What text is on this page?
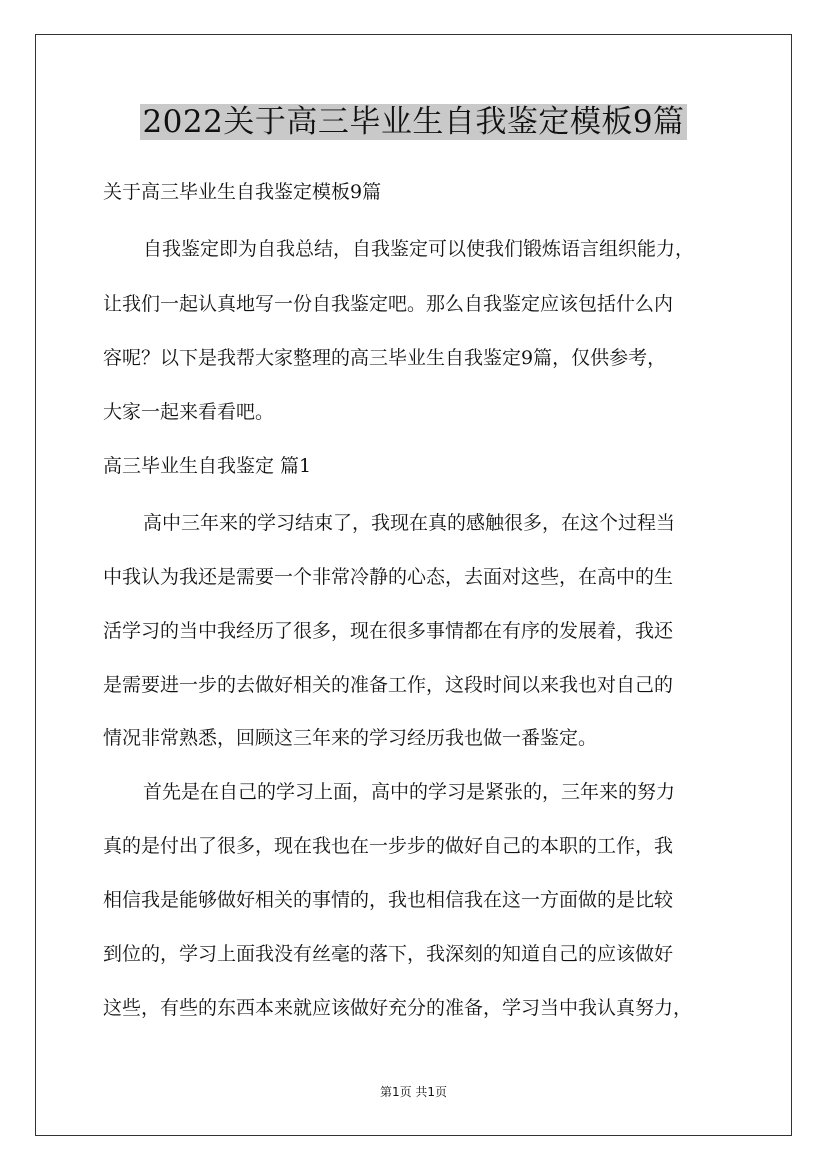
2022关于高三毕业生自我鉴定模板9篇

关于高三毕业生自我鉴定模板9篇

自我鉴定即为自我总结，自我鉴定可以使我们锻炼语言组织能力，

让我们一起认真地写一份自我鉴定吧。那么自我鉴定应该包括什么内

容呢？以下是我帮大家整理的高三毕业生自我鉴定9篇，仅供参考，

大家一起来看看吧。

高三毕业生自我鉴定 篇1

高中三年来的学习结束了，我现在真的感触很多，在这个过程当

中我认为我还是需要一个非常冷静的心态，去面对这些，在高中的生

活学习的当中我经历了很多，现在很多事情都在有序的发展着，我还

是需要进一步的去做好相关的准备工作，这段时间以来我也对自己的

情况非常熟悉，回顾这三年来的学习经历我也做一番鉴定。

首先是在自己的学习上面，高中的学习是紧张的，三年来的努力

真的是付出了很多，现在我也在一步步的做好自己的本职的工作，我

相信我是能够做好相关的事情的，我也相信我在这一方面做的是比较

到位的，学习上面我没有丝毫的落下，我深刻的知道自己的应该做好

这些，有些的东西本来就应该做好充分的准备，学习当中我认真努力，

第1页 共1页
